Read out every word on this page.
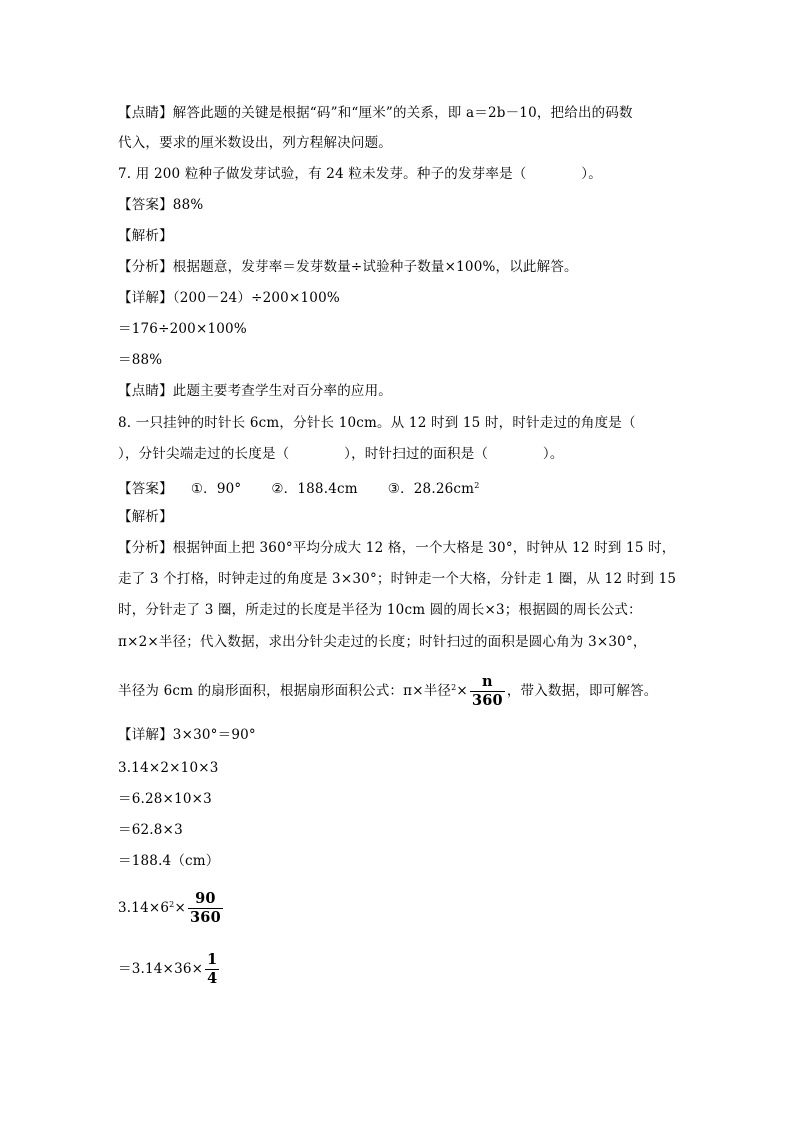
【点睛】解答此题的关键是根据“码”和“厘米”的关系，即 a＝2b－10，把给出的码数
代入，要求的厘米数设出，列方程解决问题。
7. 用 200 粒种子做发芽试验，有 24 粒未发芽。种子的发芽率是（　　　　）。
【答案】88%
【解析】
【分析】根据题意，发芽率＝发芽数量÷试验种子数量×100%，以此解答。
【详解】（200－24）÷200×100%
＝176÷200×100%
＝88%
【点睛】此题主要考查学生对百分率的应用。
8. 一只挂钟的时针长 6cm，分针长 10cm。从 12 时到 15 时，时针走过的角度是（
），分针尖端走过的长度是（　　　　），时针扫过的面积是（　　　　）。
【答案】 ①．90° ②．188.4cm ③．$28.26cm^2$
【解析】
【分析】根据钟面上把 360°平均分成大 12 格，一个大格是 30°，时钟从 12 时到 15 时，
走了 3 个打格，时钟走过的角度是 3×30°；时钟走一个大格，分针走 1 圈，从 12 时到 15
时，分针走了 3 圈，所走过的长度是半径为 10cm 圆的周长×3；根据圆的周长公式：
π×2×半径；代入数据，求出分针尖走过的长度；时针扫过的面积是圆心角为 3×30°，
半径为 6cm 的扇形面积，根据扇形面积公式：π×半径$^2\times \frac{n}{360}$ ，带入数据，即可解答。
【详解】3×30°＝90°
3.14×2×10×3
＝6.28×10×3
＝62.8×3
＝188.4（cm）
$3.14\times 6^2\times \frac{90}{360}$
$=3.14\times 36\times \frac{1}{4}$
